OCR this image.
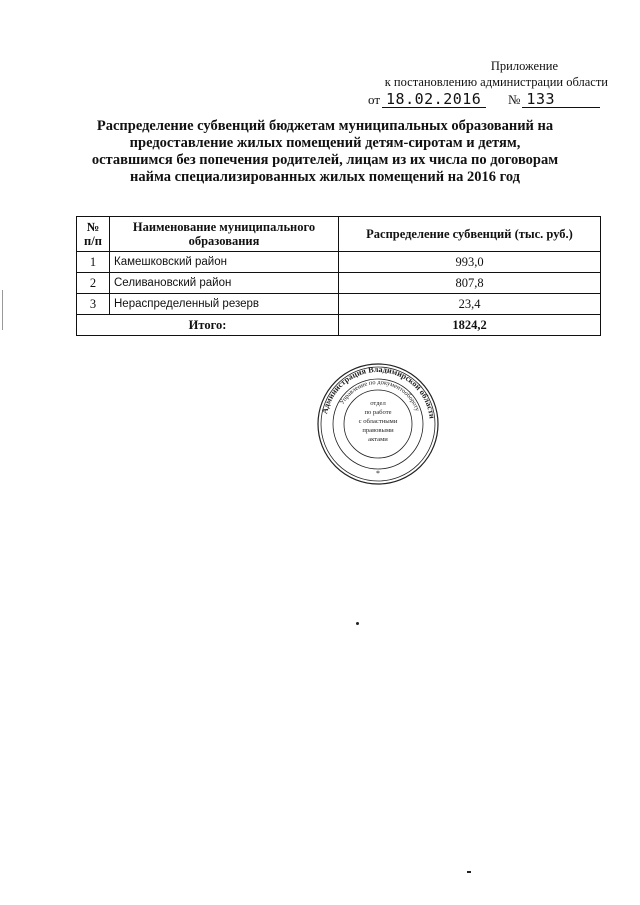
Приложение
к постановлению администрации области
от 18.02.2016	№ 133
Распределение субвенций бюджетам муниципальных образований на предоставление жилых помещений детям-сиротам и детям, оставшимся без попечения родителей, лицам из их числа по договорам найма специализированных жилых помещений на 2016 год
№ п/п	Наименование муниципального образования	Распределение субвенций (тыс. руб.)
1	Камешковский район	993,0
2	Селивановский район	807,8
3	Нераспределенный резерв	23,4
Итого:		1824,2
Администрация Владимирской области
Управление по документообороту
отдел
по работе
с областными
правовыми
актами
*
